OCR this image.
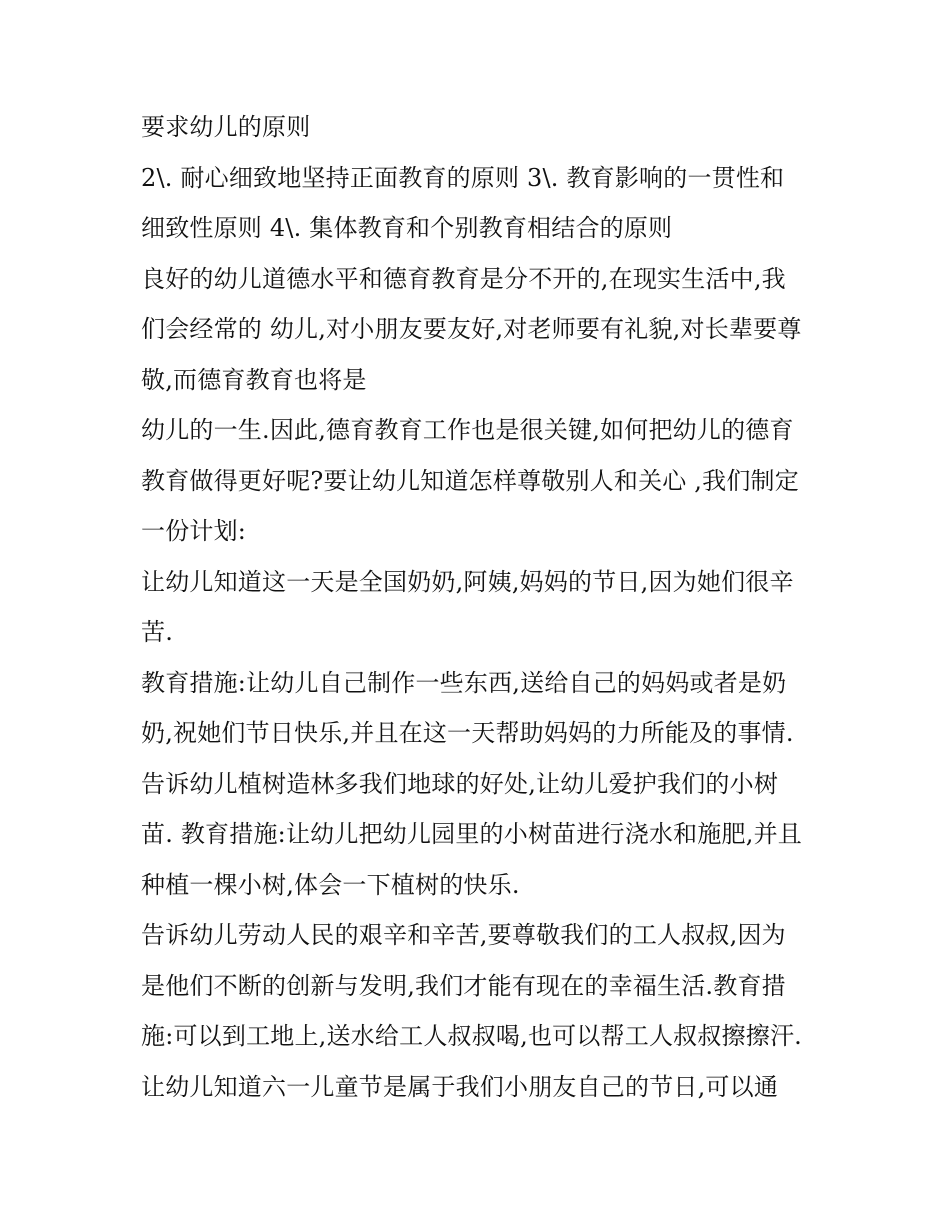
要求幼儿的原则
2\. 耐心细致地坚持正面教育的原则 3\. 教育影响的一贯性和
细致性原则 4\. 集体教育和个别教育相结合的原则
良好的幼儿道德水平和德育教育是分不开的,在现实生活中,我
们会经常的 幼儿,对小朋友要友好,对老师要有礼貌,对长辈要尊
敬,而德育教育也将是
幼儿的一生.因此,德育教育工作也是很关键,如何把幼儿的德育
教育做得更好呢?要让幼儿知道怎样尊敬别人和关心 ,我们制定
一份计划:
让幼儿知道这一天是全国奶奶,阿姨,妈妈的节日,因为她们很辛
苦.
教育措施:让幼儿自己制作一些东西,送给自己的妈妈或者是奶
奶,祝她们节日快乐,并且在这一天帮助妈妈的力所能及的事情.
告诉幼儿植树造林多我们地球的好处,让幼儿爱护我们的小树
苗. 教育措施:让幼儿把幼儿园里的小树苗进行浇水和施肥,并且
种植一棵小树,体会一下植树的快乐.
告诉幼儿劳动人民的艰辛和辛苦,要尊敬我们的工人叔叔,因为
是他们不断的创新与发明,我们才能有现在的幸福生活.教育措
施:可以到工地上,送水给工人叔叔喝,也可以帮工人叔叔擦擦汗.
让幼儿知道六一儿童节是属于我们小朋友自己的节日,可以通
